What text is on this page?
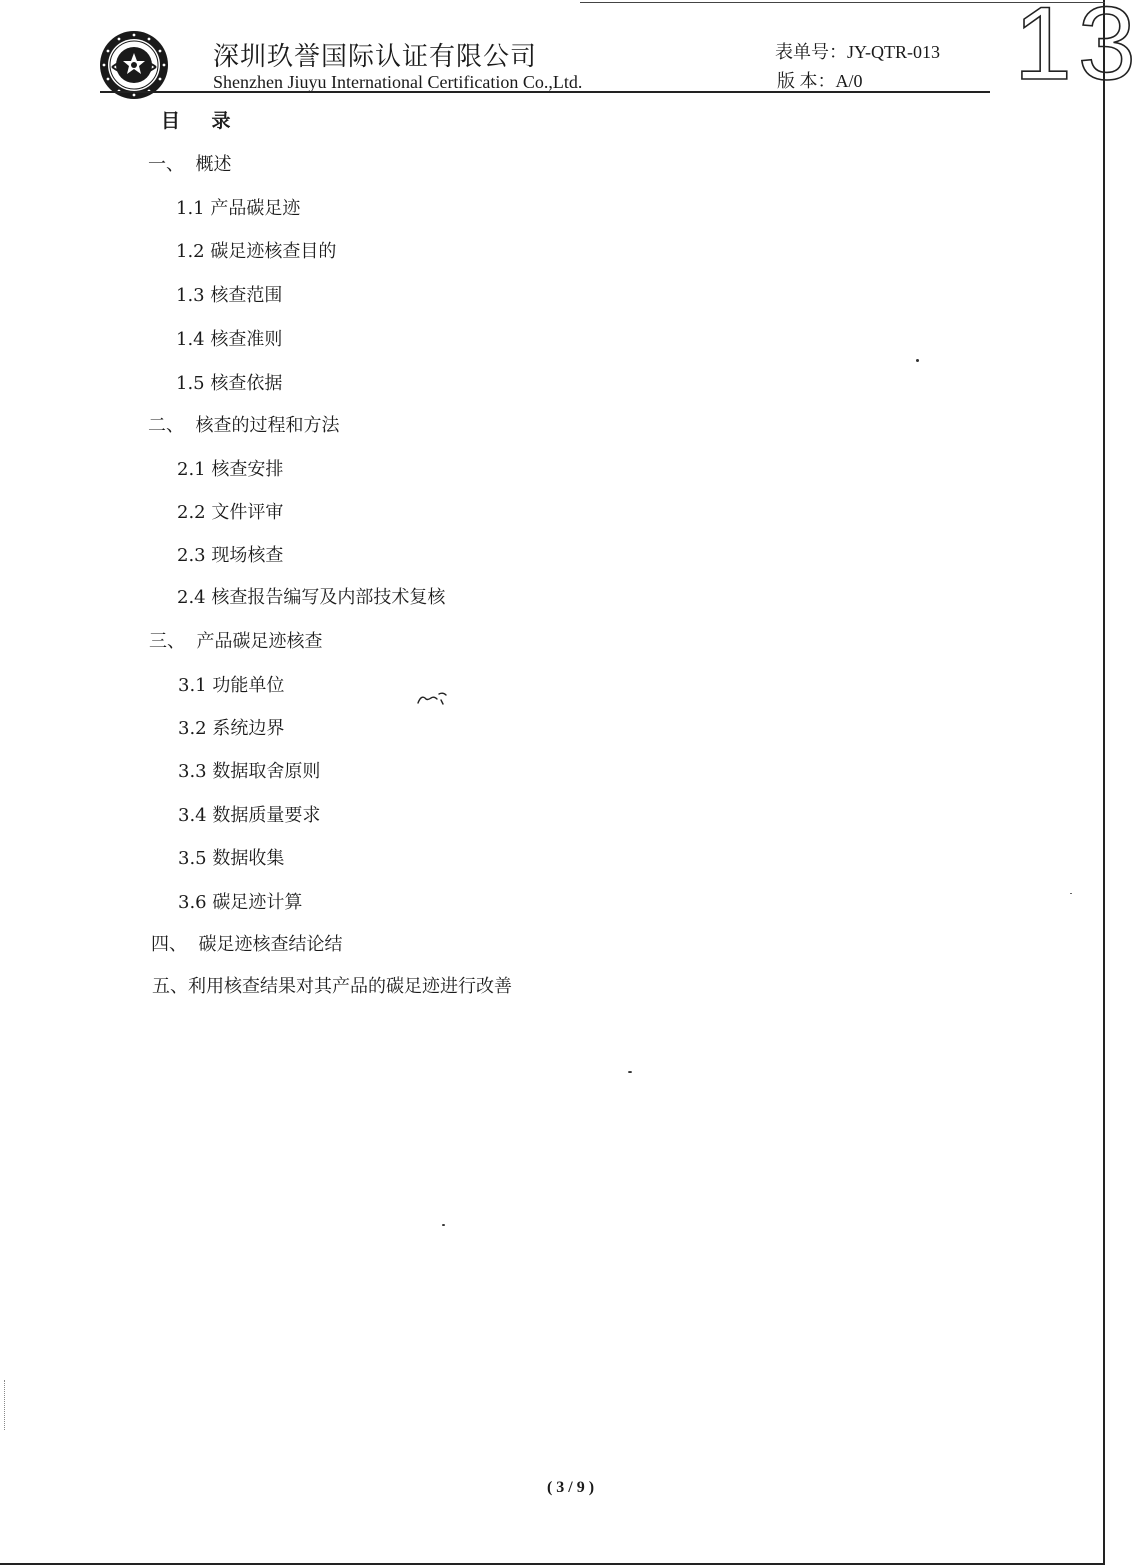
深圳玖誉国际认证有限公司
Shenzhen Jiuyu International Certification Co.,Ltd.
表单号：JY-QTR-013
版 本：A/0 13
目    录
一、  概述
1.1 产品碳足迹
1.2 碳足迹核查目的
1.3 核查范围
1.4 核查准则
1.5 核查依据
二、  核查的过程和方法
2.1 核查安排
2.2 文件评审
2.3 现场核查
2.4 核查报告编写及内部技术复核
三、  产品碳足迹核查
3.1 功能单位
3.2 系统边界
3.3 数据取舍原则
3.4 数据质量要求
3.5 数据收集
3.6 碳足迹计算
四、  碳足迹核查结论结
五、利用核查结果对其产品的碳足迹进行改善
( 3 / 9 )
